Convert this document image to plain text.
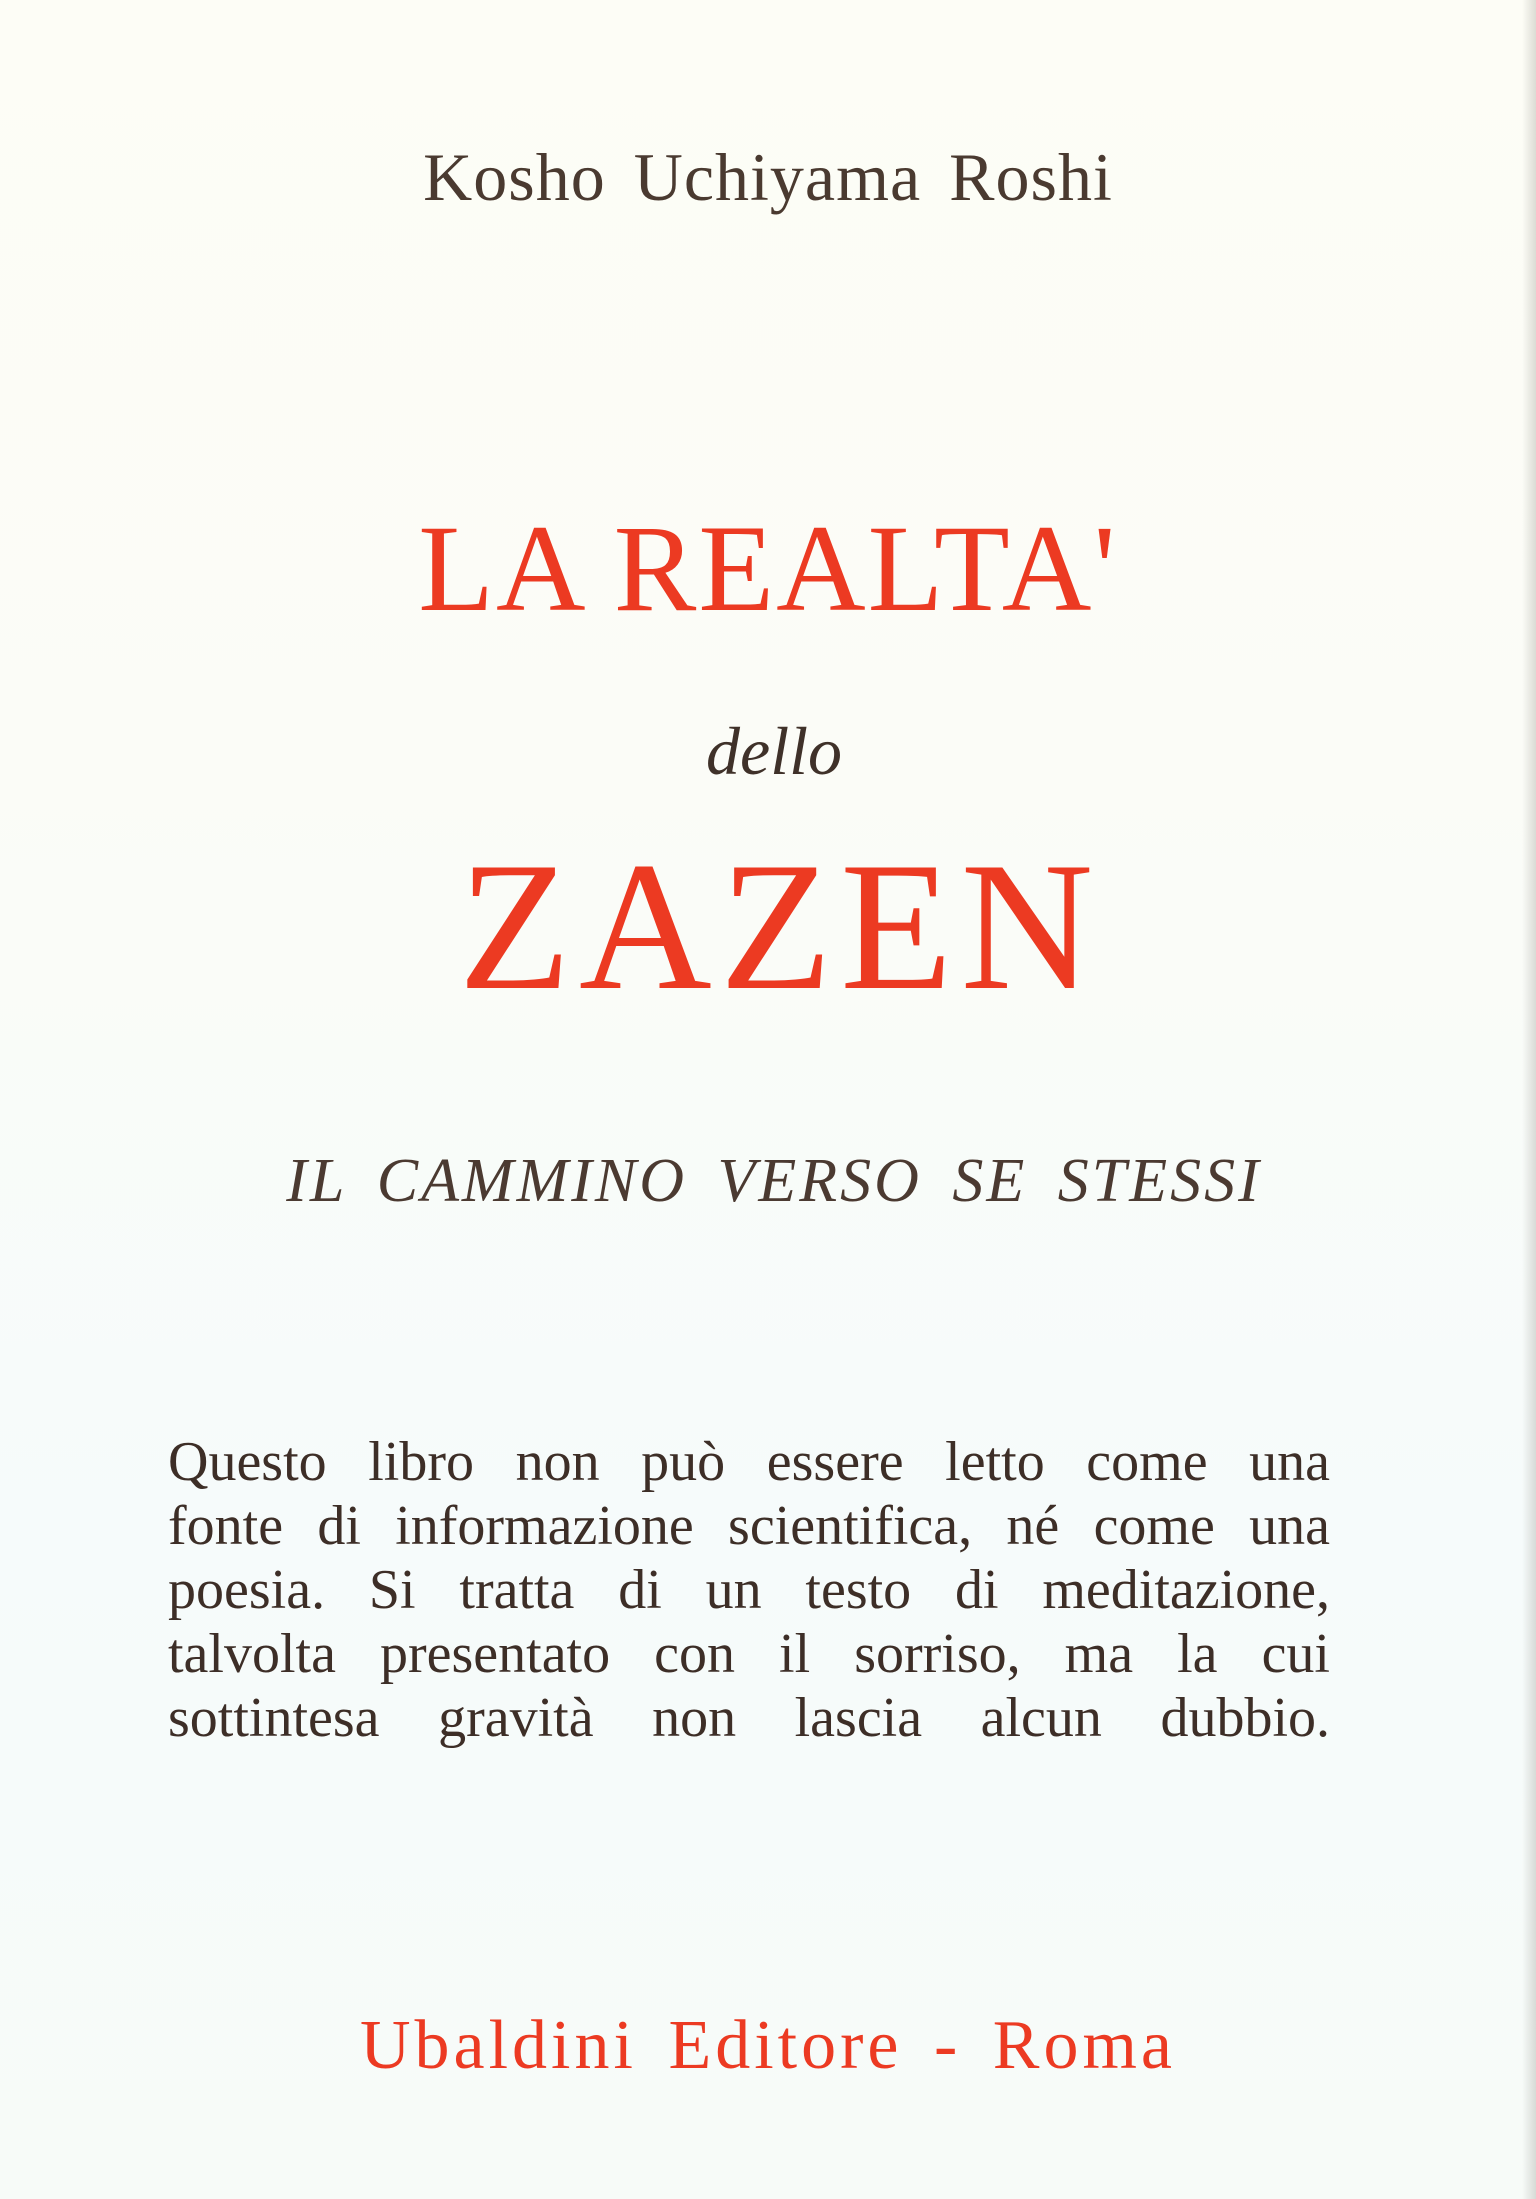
Kosho Uchiyama Roshi
LA REALTA'
dello
ZAZEN
IL CAMMINO VERSO SE STESSI
Questo libro non può essere letto come una
fonte di informazione scientifica, né come una
poesia. Si tratta di un testo di meditazione,
talvolta presentato con il sorriso, ma la cui
sottintesa gravità non lascia alcun dubbio.
Ubaldini Editore - Roma
